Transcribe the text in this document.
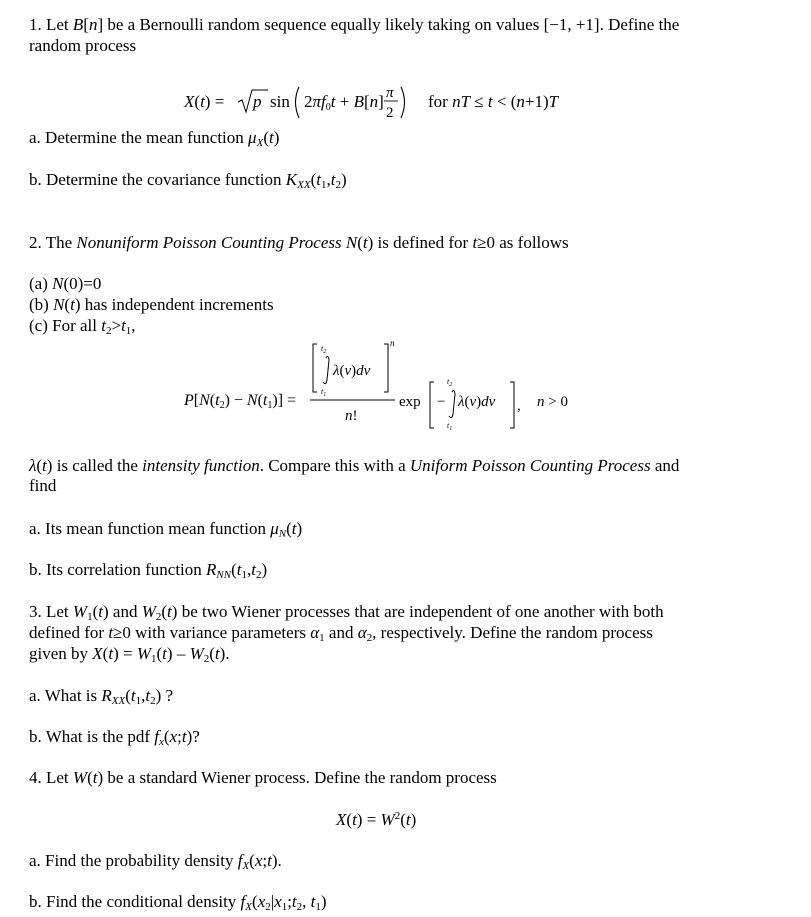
1. Let B[n] be a Bernoulli random sequence equally likely taking on values [−1, +1]. Define the
random process
X(t) = p sin 2πf0t + B[n] π
2
for nT ≤ t < (n+1)T
a. Determine the mean function $\mu_X(t)$
b. Determine the covariance function $K_{XX}(t_1,t_2)$
2. The Nonuniform Poisson Counting Process N(t) is defined for t≥0 as follows
(a) N(0)=0
(b) N(t) has independent increments
(c) For all $t_2>t_1$,
P[N(t2) − N(t1)] =
$t_2$
λ(v)dv
$t_1$
n
n!
exp −
$t_2$
λ(v)dv
$t_1$
, n > 0
λ(t) is called the intensity function. Compare this with a Uniform Poisson Counting Process and
find
a. Its mean function mean function $\mu_N(t)$
b. Its correlation function $R_{NN}(t_1,t_2)$
3. Let $W_1(t)$ and $W_2(t)$ be two Wiener processes that are independent of one another with both
defined for t≥0 with variance parameters $\alpha_1$ and $\alpha_2$, respectively. Define the random process
given by $X(t) = W_1(t) - W_2(t)$.
a. What is $R_{XX}(t_1,t_2)$ ?
b. What is the pdf $f_x(x;t)$?
4. Let W(t) be a standard Wiener process. Define the random process
$X(t) = W^2(t)$
a. Find the probability density $f_X(x;t)$.
b. Find the conditional density $f_X(x_2|x_1;t_2$, $t_1$)
